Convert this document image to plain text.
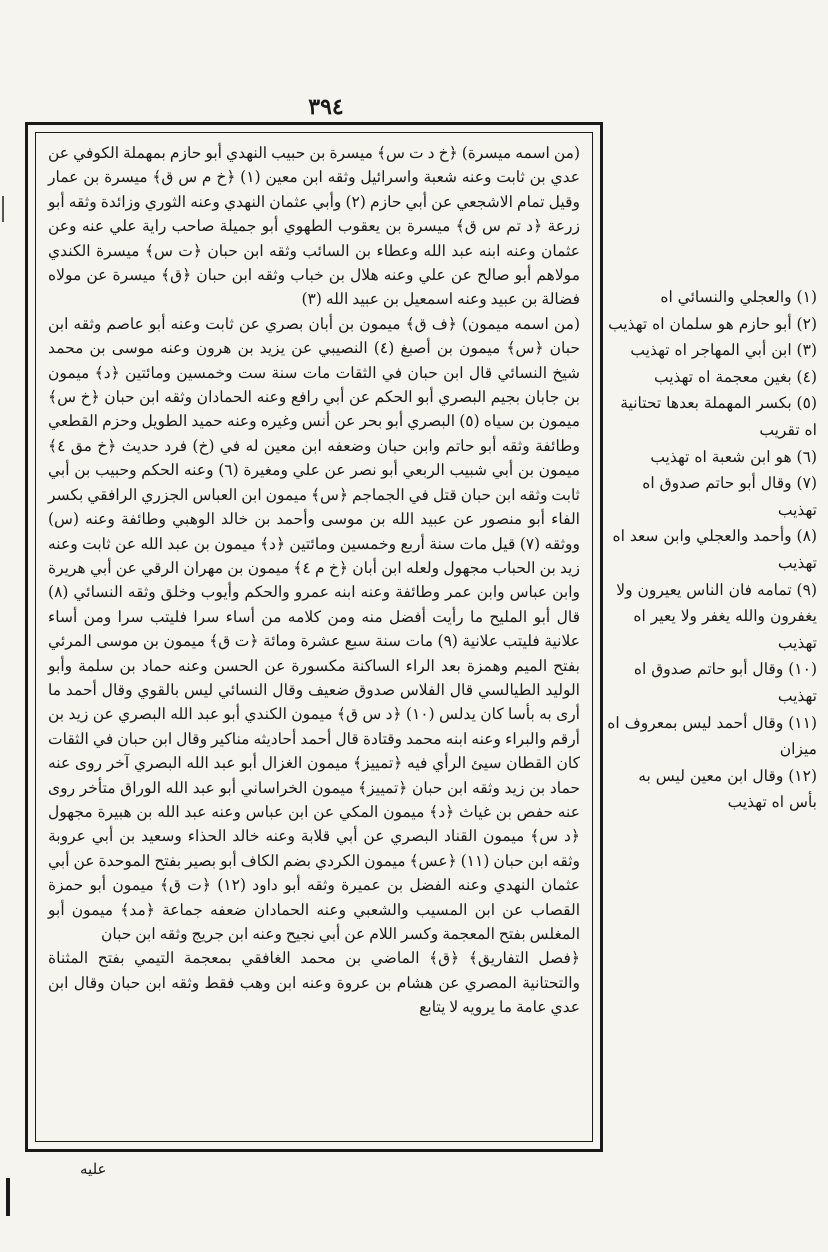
٣٩٤

(من اسمه ميسرة) ﴿خ د ت س﴾ ميسرة بن حبيب النهدي أبو حازم بمهملة الكوفي عن عدي بن ثابت وعنه شعبة واسرائيل وثقه ابن معين (١) ﴿خ م س ق﴾ ميسرة بن عمار وقيل تمام الاشجعي عن أبي حازم (٢) وأبي عثمان النهدي وعنه الثوري وزائدة وثقه أبو زرعة ﴿د تم س ق﴾ ميسرة بن يعقوب الطهوي أبو جميلة صاحب راية علي عنه وعن عثمان وعنه ابنه عبد الله وعطاء بن السائب وثقه ابن حبان ﴿ت س﴾ ميسرة الكندي مولاهم أبو صالح عن علي وعنه هلال بن خباب وثقه ابن حبان ﴿ق﴾ ميسرة عن مولاه فضالة بن عبيد وعنه اسمعيل بن عبيد الله (٣)

(من اسمه ميمون) ﴿ف ق﴾ ميمون بن أبان بصري عن ثابت وعنه أبو عاصم وثقه ابن حبان ﴿س﴾ ميمون بن أصبغ (٤) النصيبي عن يزيد بن هرون وعنه موسى بن محمد شيخ النسائي قال ابن حبان في الثقات مات سنة ست وخمسين ومائتين ﴿د﴾ ميمون بن جابان بجيم البصري أبو الحكم عن أبي رافع وعنه الحمادان وثقه ابن حبان ﴿خ س﴾ ميمون بن سياه (٥) البصري أبو بحر عن أنس وغيره وعنه حميد الطويل وحزم القطعي وطائفة وثقه أبو حاتم وابن حبان وضعفه ابن معين له في (خ) فرد حديث ﴿خ مق ٤﴾ ميمون بن أبي شبيب الربعي أبو نصر عن علي ومغيرة (٦) وعنه الحكم وحبيب بن أبي ثابت وثقه ابن حبان قتل في الجماجم ﴿س﴾ ميمون ابن العباس الجزري الرافقي بكسر الفاء أبو منصور عن عبيد الله بن موسى وأحمد بن خالد الوهبي وطائفة وعنه (س) ووثقه (٧) قيل مات سنة أربع وخمسين ومائتين ﴿د﴾ ميمون بن عبد الله عن ثابت وعنه زيد بن الحباب مجهول ولعله ابن أبان ﴿خ م ٤﴾ ميمون بن مهران الرقي عن أبي هريرة وابن عباس وابن عمر وطائفة وعنه ابنه عمرو والحكم وأيوب وخلق وثقه النسائي (٨) قال أبو المليح ما رأيت أفضل منه ومن كلامه من أساء سرا فليتب سرا ومن أساء علانية فليتب علانية (٩) مات سنة سبع عشرة ومائة ﴿ت ق﴾ ميمون بن موسى المرئي بفتح الميم وهمزة بعد الراء الساكنة مكسورة عن الحسن وعنه حماد بن سلمة وأبو الوليد الطيالسي قال الفلاس صدوق ضعيف وقال النسائي ليس بالقوي وقال أحمد ما أرى به بأسا كان يدلس (١٠) ﴿د س ق﴾ ميمون الكندي أبو عبد الله البصري عن زيد بن أرقم والبراء وعنه ابنه محمد وقتادة قال أحمد أحاديثه مناكير وقال ابن حبان في الثقات كان القطان سيئ الرأي فيه ﴿تمييز﴾ ميمون الغزال أبو عبد الله البصري آخر روى عنه حماد بن زيد وثقه ابن حبان ﴿تمييز﴾ ميمون الخراساني أبو عبد الله الوراق متأخر روى عنه حفص بن غياث ﴿د﴾ ميمون المكي عن ابن عباس وعنه عبد الله بن هبيرة مجهول ﴿د س﴾ ميمون القناد البصري عن أبي قلابة وعنه خالد الحذاء وسعيد بن أبي عروبة وثقه ابن حبان (١١) ﴿عس﴾ ميمون الكردي بضم الكاف أبو بصير بفتح الموحدة عن أبي عثمان النهدي وعنه الفضل بن عميرة وثقه أبو داود (١٢) ﴿ت ق﴾ ميمون أبو حمزة القصاب عن ابن المسيب والشعبي وعنه الحمادان ضعفه جماعة ﴿مد﴾ ميمون أبو المغلس بفتح المعجمة وكسر اللام عن أبي نجيح وعنه ابن جريج وثقه ابن حبان

﴿فصل التفاريق﴾ ﴿ق﴾ الماضي بن محمد الغافقي بمعجمة التيمي بفتح المثناة والتحتانية المصري عن هشام بن عروة وعنه ابن وهب فقط وثقه ابن حبان وقال ابن عدي عامة ما يرويه لا يتابع

(١) والعجلي والنسائي اه

(٢) أبو حازم هو سلمان اه تهذيب

(٣) ابن أبي المهاجر اه تهذيب

(٤) بغين معجمة اه تهذيب

(٥) بكسر المهملة بعدها تحتانية اه تقريب

(٦) هو ابن شعبة اه تهذيب

(٧) وقال أبو حاتم صدوق اه تهذيب

(٨) وأحمد والعجلي وابن سعد اه تهذيب

(٩) تمامه فان الناس يعيرون ولا يغفرون والله يغفر ولا يعير اه تهذيب

(١٠) وقال أبو حاتم صدوق اه تهذيب

(١١) وقال أحمد ليس بمعروف اه ميزان

(١٢) وقال ابن معين ليس به بأس اه تهذيب

عليه
